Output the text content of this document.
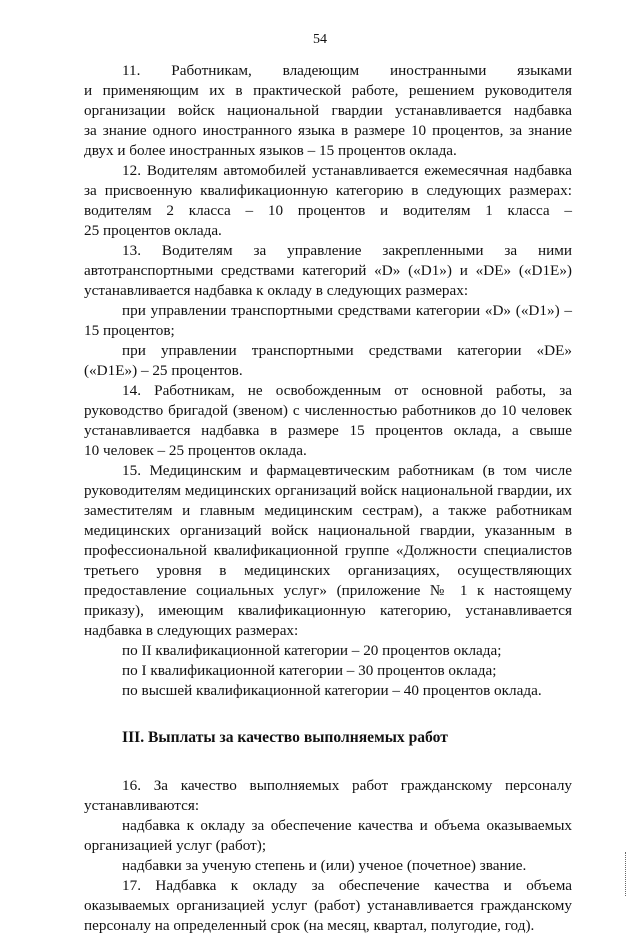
54
11. Работникам, владеющим иностранными языками
и применяющим их в практической работе, решением руководителя
организации войск национальной гвардии устанавливается надбавка
за знание одного иностранного языка в размере 10 процентов, за знание
двух и более иностранных языков – 15 процентов оклада.
12. Водителям автомобилей устанавливается ежемесячная надбавка
за присвоенную квалификационную категорию в следующих размерах:
водителям 2 класса – 10 процентов и водителям 1 класса –
25 процентов оклада.
13. Водителям за управление закрепленными за ними
автотранспортными средствами категорий «D» («D1») и «DE» («D1E»)
устанавливается надбавка к окладу в следующих размерах:
при управлении транспортными средствами категории «D» («D1») –
15 процентов;
при управлении транспортными средствами категории «DE»
(«D1E») – 25 процентов.
14. Работникам, не освобожденным от основной работы, за
руководство бригадой (звеном) с численностью работников до 10 человек
устанавливается надбавка в размере 15 процентов оклада, а свыше
10 человек – 25 процентов оклада.
15. Медицинским и фармацевтическим работникам (в том числе
руководителям медицинских организаций войск национальной гвардии, их
заместителям и главным медицинским сестрам), а также работникам
медицинских организаций войск национальной гвардии, указанным в
профессиональной квалификационной группе «Должности специалистов
третьего уровня в медицинских организациях, осуществляющих
предоставление социальных услуг» (приложение № 1 к настоящему
приказу), имеющим квалификационную категорию, устанавливается
надбавка в следующих размерах:
по II квалификационной категории – 20 процентов оклада;
по I квалификационной категории – 30 процентов оклада;
по высшей квалификационной категории – 40 процентов оклада.
III. Выплаты за качество выполняемых работ
16. За качество выполняемых работ гражданскому персоналу
устанавливаются:
надбавка к окладу за обеспечение качества и объема оказываемых
организацией услуг (работ);
надбавки за ученую степень и (или) ученое (почетное) звание.
17. Надбавка к окладу за обеспечение качества и объема
оказываемых организацией услуг (работ) устанавливается гражданскому
персоналу на определенный срок (на месяц, квартал, полугодие, год).
